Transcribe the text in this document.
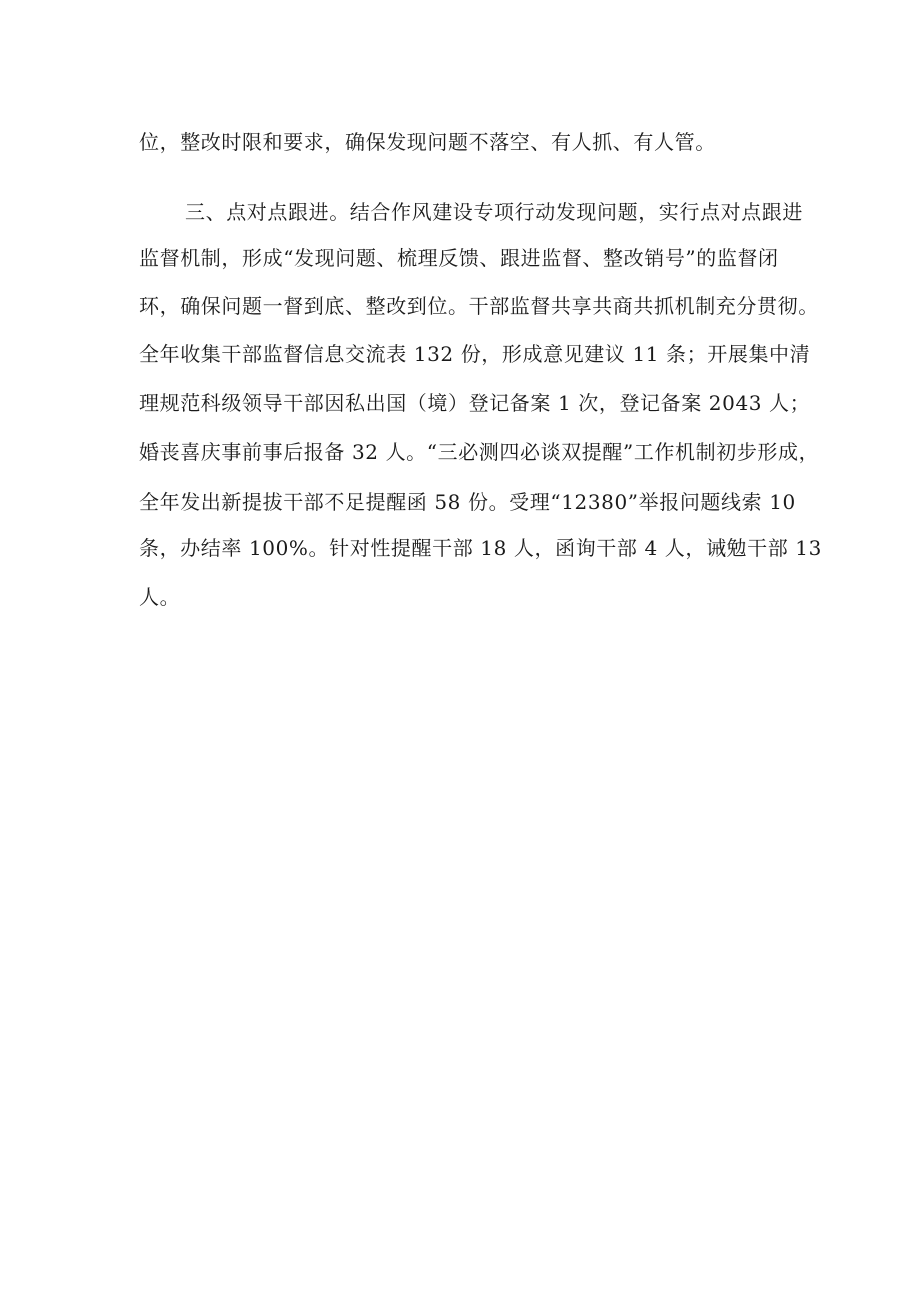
位，整改时限和要求，确保发现问题不落空、有人抓、有人管。
三、点对点跟进。结合作风建设专项行动发现问题，实行点对点跟进
监督机制，形成“发现问题、梳理反馈、跟进监督、整改销号”的监督闭
环，确保问题一督到底、整改到位。干部监督共享共商共抓机制充分贯彻。
全年收集干部监督信息交流表 132 份，形成意见建议 11 条；开展集中清
理规范科级领导干部因私出国（境）登记备案 1 次，登记备案 2043 人；
婚丧喜庆事前事后报备 32 人。“三必测四必谈双提醒”工作机制初步形成，
全年发出新提拔干部不足提醒函 58 份。受理“12380”举报问题线索 10
条，办结率 100%。针对性提醒干部 18 人，函询干部 4 人，诫勉干部 13
人。
